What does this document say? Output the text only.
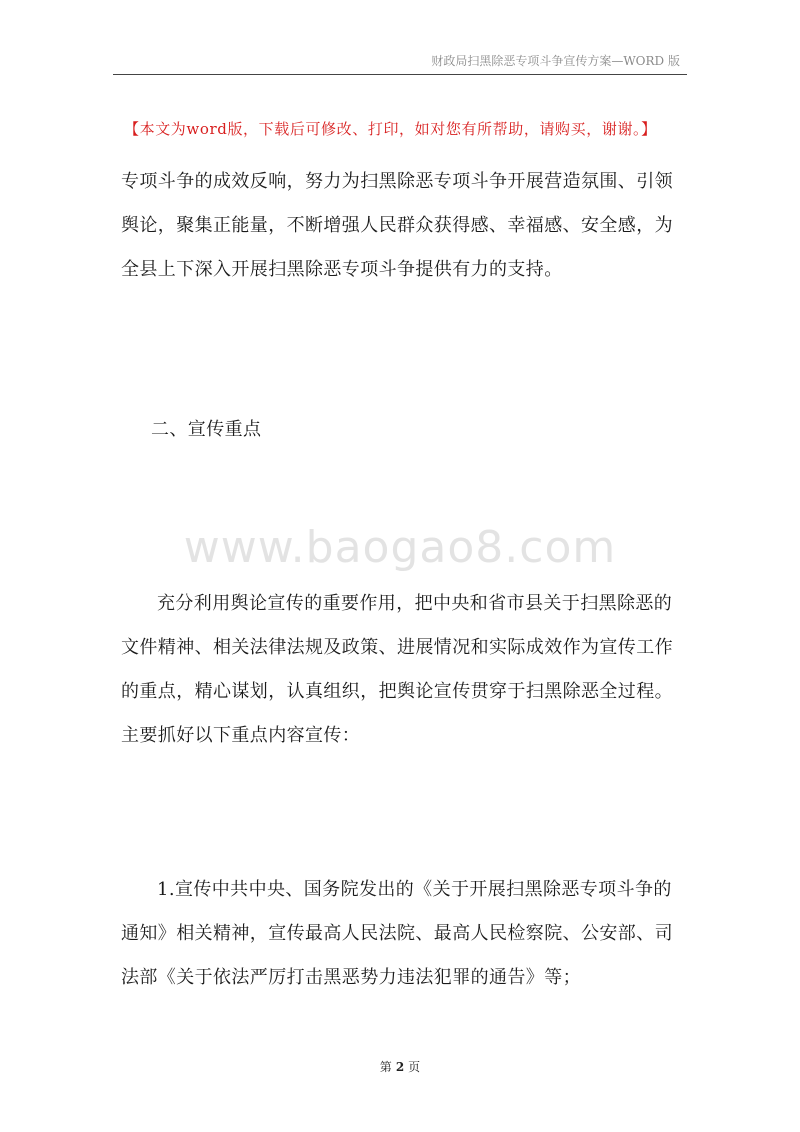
财政局扫黑除恶专项斗争宣传方案—WORD 版
【本文为word版，下载后可修改、打印，如对您有所帮助，请购买，谢谢。】

专项斗争的成效反响，努力为扫黑除恶专项斗争开展营造氛围、引领舆论，聚集正能量，不断增强人民群众获得感、幸福感、安全感，为全县上下深入开展扫黑除恶专项斗争提供有力的支持。

二、宣传重点

www.baogao8.com

充分利用舆论宣传的重要作用，把中央和省市县关于扫黑除恶的文件精神、相关法律法规及政策、进展情况和实际成效作为宣传工作的重点，精心谋划，认真组织，把舆论宣传贯穿于扫黑除恶全过程。主要抓好以下重点内容宣传：

1.宣传中共中央、国务院发出的《关于开展扫黑除恶专项斗争的通知》相关精神，宣传最高人民法院、最高人民检察院、公安部、司法部《关于依法严厉打击黑恶势力违法犯罪的通告》等；

第 2 页
